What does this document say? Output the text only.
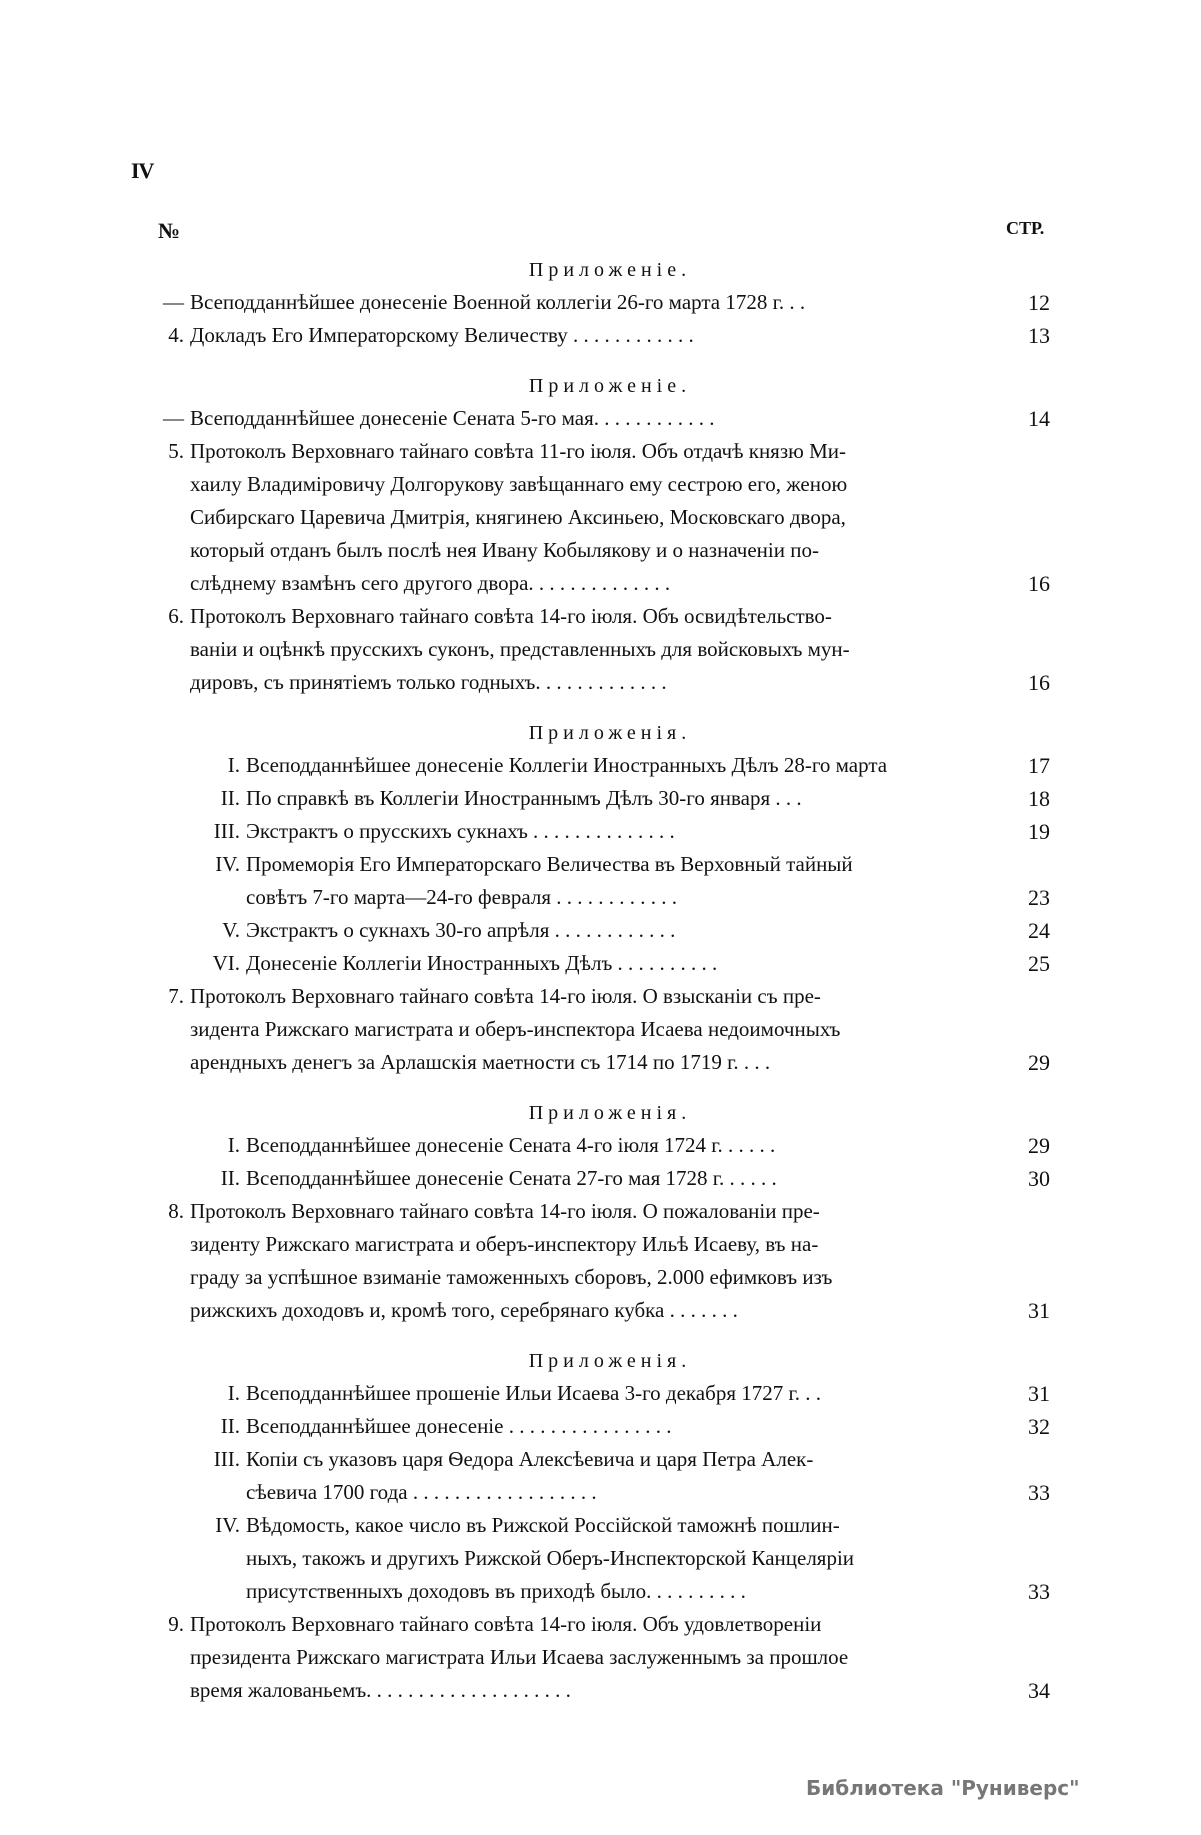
IV
№	СТР.
Приложеніе.
— Всеподданнѣйшее донесеніе Военной коллегіи 26-го марта 1728 г. . .	12
4. Докладъ Его Императорскому Величеству . . . . . . . . . . . .	13
Приложеніе.
— Всеподданнѣйшее донесеніе Сената 5-го мая. . . . . . . . . . . .	14
5. Протоколъ Верховнаго тайнаго совѣта 11-го іюля. Объ отдачѣ князю Ми-
хаилу Владиміровичу Долгорукову завѣщаннаго ему сестрою его, женою
Сибирскаго Царевича Дмитрія, княгинею Аксиньею, Московскаго двора,
который отданъ былъ послѣ нея Ивану Кобылякову и о назначеніи по-
слѣднему взамѣнъ сего другого двора. . . . . . . . . . . . . .	16
6. Протоколъ Верховнаго тайнаго совѣта 14-го іюля. Объ освидѣтельство-
ваніи и оцѣнкѣ прусскихъ суконъ, представленныхъ для войсковыхъ мун-
дировъ, съ принятіемъ только годныхъ. . . . . . . . . . . . .	16
Приложенія.
I. Всеподданнѣйшее донесеніе Коллегіи Иностранныхъ Дѣлъ 28-го марта	17
II. По справкѣ въ Коллегіи Иностраннымъ Дѣлъ 30-го января . . .	18
III. Экстрактъ о прусскихъ сукнахъ . . . . . . . . . . . . . .	19
IV. Промеморія Его Императорскаго Величества въ Верховный тайный
совѣтъ 7-го марта—24-го февраля . . . . . . . . . . . .	23
V. Экстрактъ о сукнахъ 30-го апрѣля . . . . . . . . . . . .	24
VI. Донесеніе Коллегіи Иностранныхъ Дѣлъ . . . . . . . . . .	25
7. Протоколъ Верховнаго тайнаго совѣта 14-го іюля. О взысканіи съ пре-
зидента Рижскаго магистрата и оберъ-инспектора Исаева недоимочныхъ
арендныхъ денегъ за Арлашскія маетности съ 1714 по 1719 г. . . .	29
Приложенія.
I. Всеподданнѣйшее донесеніе Сената 4-го іюля 1724 г. . . . . .	29
II. Всеподданнѣйшее донесеніе Сената 27-го мая 1728 г. . . . . .	30
8. Протоколъ Верховнаго тайнаго совѣта 14-го іюля. О пожалованіи пре-
зиденту Рижскаго магистрата и оберъ-инспектору Ильѣ Исаеву, въ на-
граду за успѣшное взиманіе таможенныхъ сборовъ, 2.000 ефимковъ изъ
рижскихъ доходовъ и, кромѣ того, серебрянаго кубка . . . . . . .	31
Приложенія.
I. Всеподданнѣйшее прошеніе Ильи Исаева 3-го декабря 1727 г. . .	31
II. Всеподданнѣйшее донесеніе . . . . . . . . . . . . . . . .	32
III. Копіи съ указовъ царя Ѳедора Алексѣевича и царя Петра Алек-
сѣевича 1700 года . . . . . . . . . . . . . . . . . .	33
IV. Вѣдомость, какое число въ Рижской Россійской таможнѣ пошлин-
ныхъ, такожъ и другихъ Рижской Оберъ-Инспекторской Канцеляріи
присутственныхъ доходовъ въ приходѣ было. . . . . . . . . .	33
9. Протоколъ Верховнаго тайнаго совѣта 14-го іюля. Объ удовлетвореніи
президента Рижскаго магистрата Ильи Исаева заслуженнымъ за прошлое
время жалованьемъ. . . . . . . . . . . . . . . . . . . .	34
Библиотека "Руниверс"
